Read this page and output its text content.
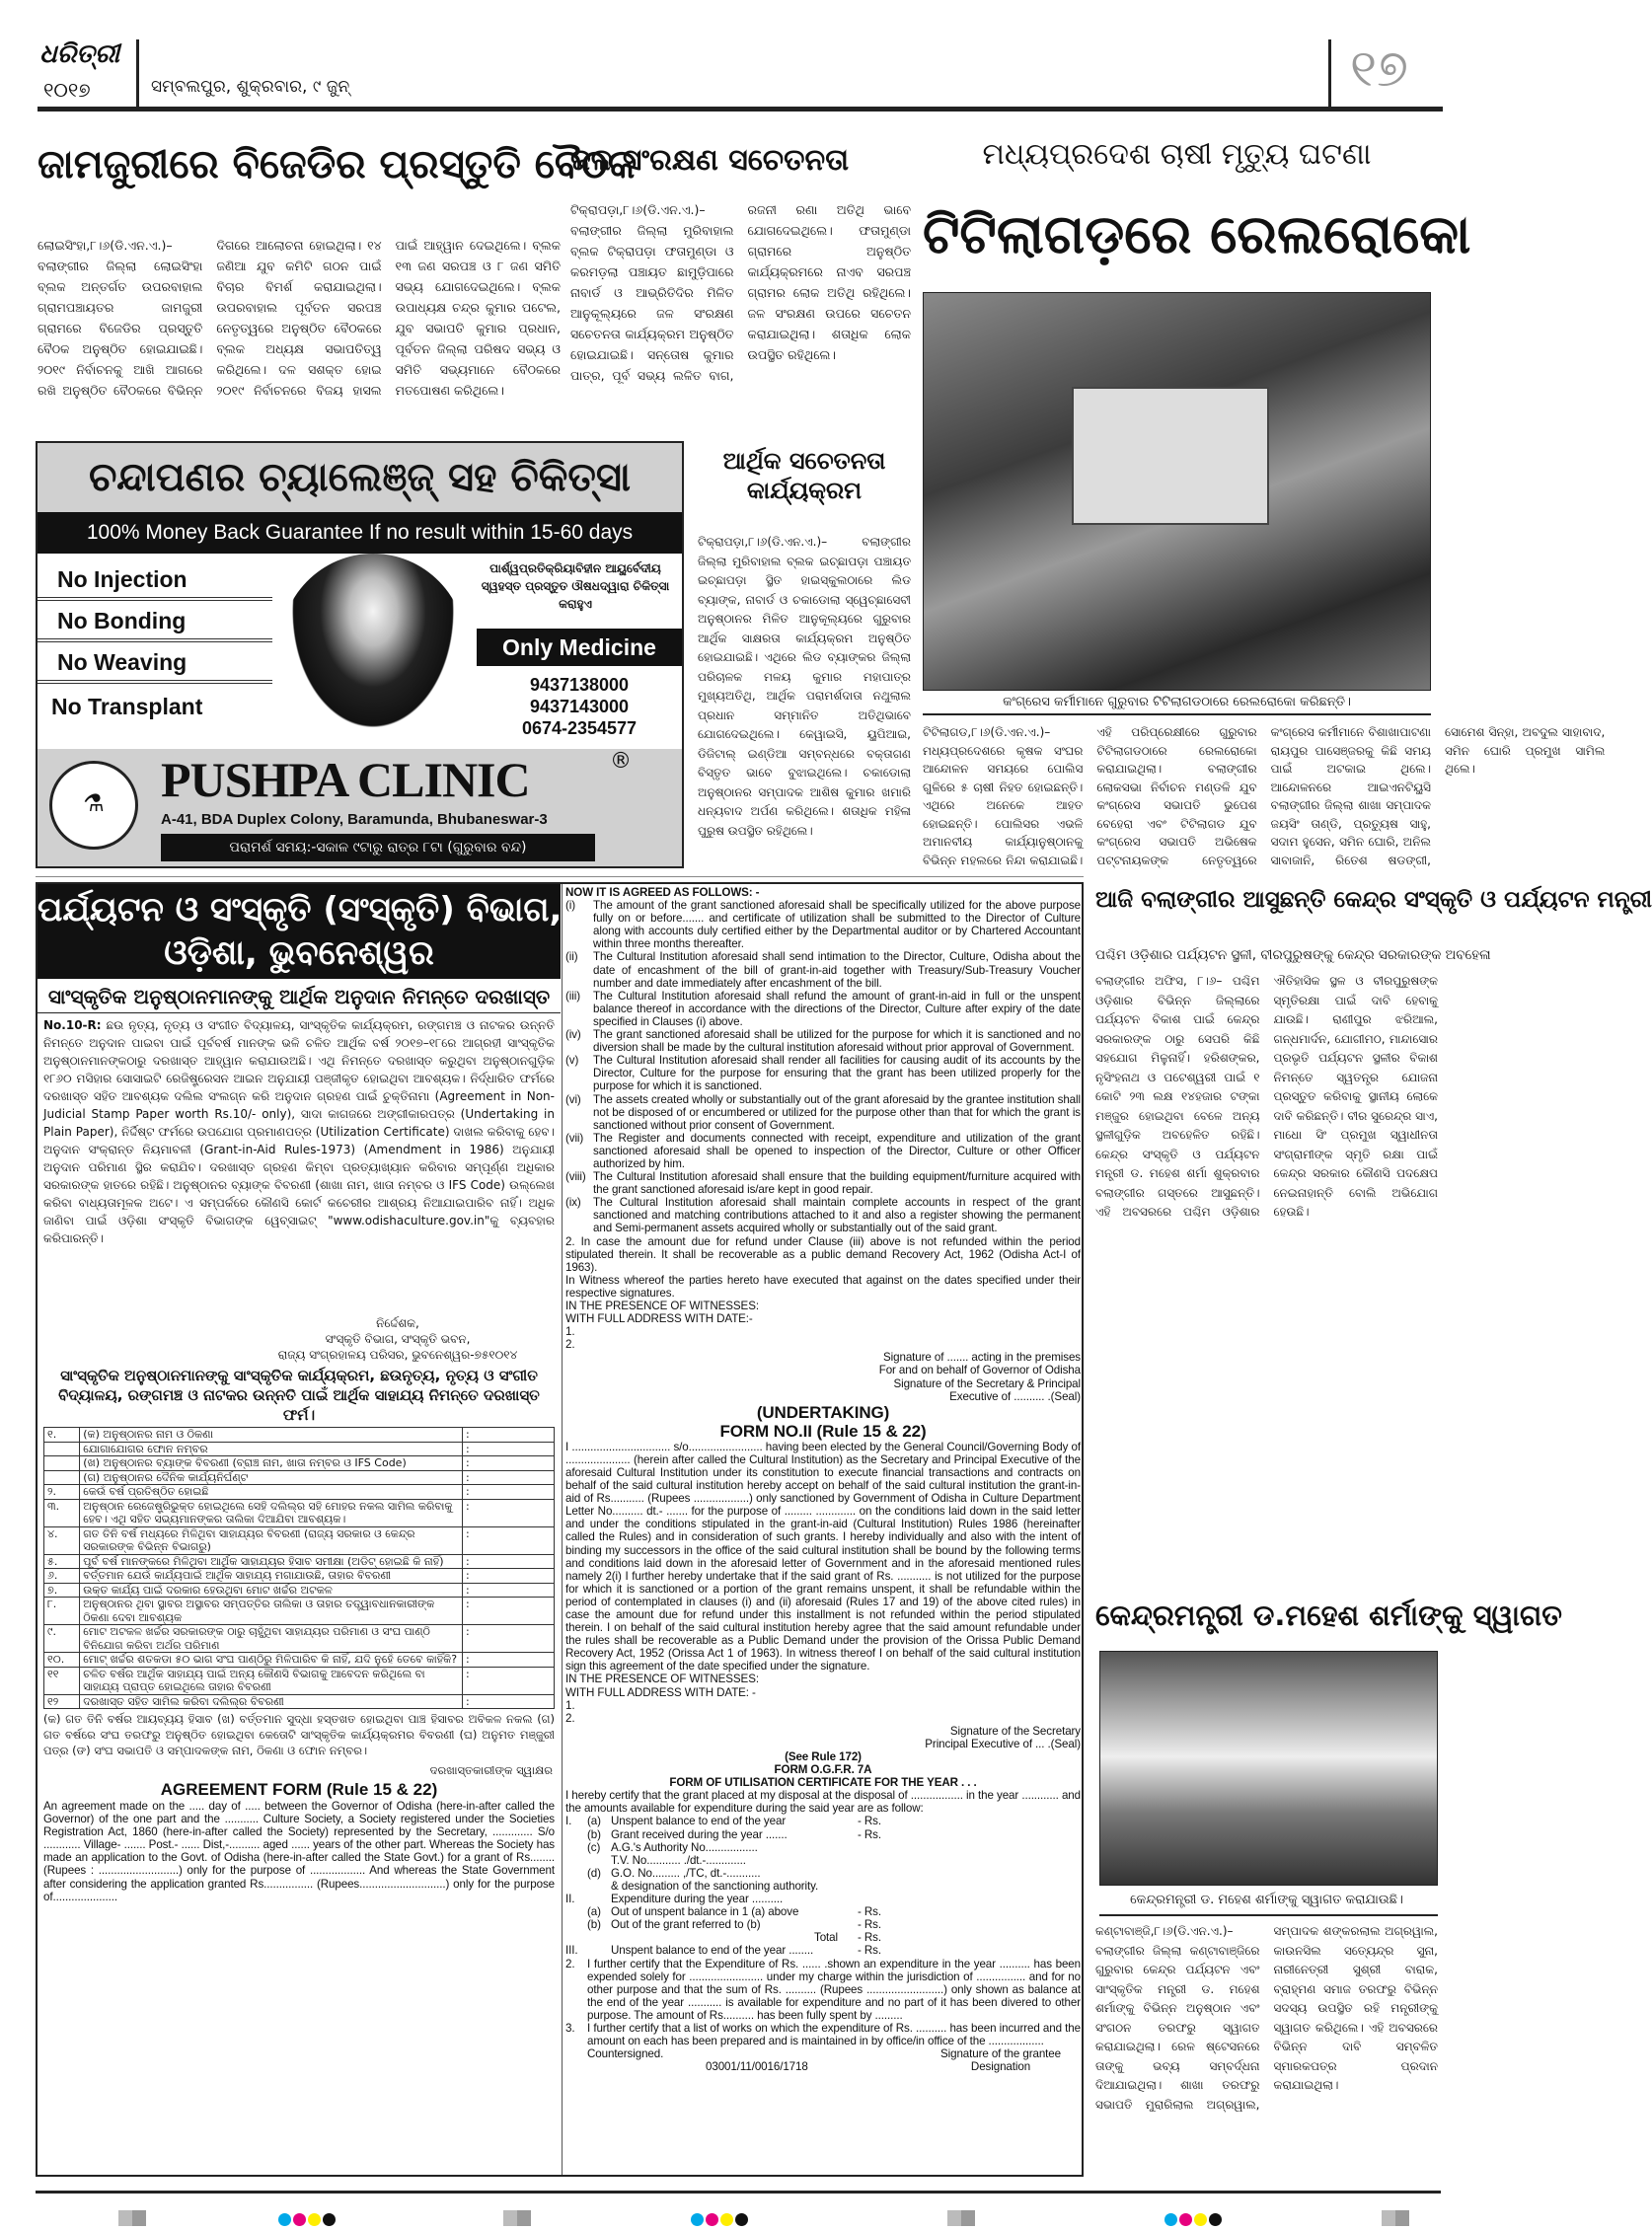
ଧରିତ୍ରୀ
୧୦୧୭	ସମ୍ବଲପୁର, ଶୁକ୍ରବାର, ୯ ଜୁନ୍	୧୭
ଜାମଜୁରୀରେ ବିଜେଡିର ପ୍ରସ୍ତୁତି ବୈଠକ
ଲୋଇସିଂହା,୮।୬(ଡି.ଏନ.ଏ.)– ବଲାଙ୍ଗୀର ଜିଲ୍ଲା ଲୋଇସିଂହା ବ୍ଲକ ଅନ୍ତର୍ଗତ ଉପରବାହାଲ ଗ୍ରାମପଞ୍ଚାୟତର ଜାମଜୁରୀ ଗ୍ରାମରେ ବିଜେଡିର ପ୍ରସ୍ତୁତି ବୈଠକ ଅନୁଷ୍ଠିତ ହୋଇଯାଇଛି। ୨୦୧୯ ନିର୍ବାଚନକୁ ଆଖି ଆଗରେ ରଖି ଅନୁଷ୍ଠିତ ବୈଠକରେ ବିଭିନ୍ନ ଦିଗରେ ଆଲୋଚନା ହୋଇଥିଲା। ୧୪ ଜଣିଆ ଯୁବ କମିଟି ଗଠନ ପାଇଁ ବିଚାର ବିମର୍ଶ କରାଯାଇଥିଲା। ଉପରବାହାଲ ପୂର୍ବତନ ସରପଞ୍ଚ ନେତୃତ୍ୱରେ ଅନୁଷ୍ଠିତ ବୈଠକରେ ବ୍ଲକ ଅଧ୍ୟକ୍ଷ ସଭାପତିତ୍ୱ କରିଥିଲେ। ଦଳ ସଶକ୍ତ ହୋଇ ୨୦୧୯ ନିର୍ବାଚନରେ ବିଜୟ ହାସଲ ପାଇଁ ଆହ୍ୱାନ ଦେଇଥିଲେ। ବ୍ଲକ ୧୩ ଜଣ ସରପଞ୍ଚ ଓ ୮ ଜଣ ସମିତି ସଭ୍ୟ ଯୋଗଦେଇଥିଲେ। ବ୍ଲକ ଉପାଧ୍ୟକ୍ଷ ଚନ୍ଦ୍ର କୁମାର ପଟେଲ, ଯୁବ ସଭାପତି କୁମାର ପ୍ରଧାନ, ପୂର୍ବତନ ଜିଲ୍ଲା ପରିଷଦ ସଭ୍ୟ ଓ ସମିତି ସଭ୍ୟମାନେ ବୈଠକରେ ମତପୋଷଣ କରିଥିଲେ।
ଜଳ ସଂରକ୍ଷଣ ସଚେତନତା
ଟିକ୍ରାପଡ଼ା,୮।୬(ଡି.ଏନ.ଏ.)– ବଲାଙ୍ଗୀର ଜିଲ୍ଲା ମୁରିବାହାଲ ବ୍ଲକ ଟିକ୍ରାପଡ଼ା ଫତାମୁଣ୍ଡା ଓ କରମଡ଼ଲା ପଞ୍ଚାୟତ ଛାମୁଡ଼ିପାରେ ନାବାର୍ଡ ଓ ଆଭ୍ରିତିଦିର ମିଳିତ ଆନୁକୂଲ୍ୟରେ ଜଳ ସଂରକ୍ଷଣ ସଚେତନତା କାର୍ଯ୍ୟକ୍ରମ ଅନୁଷ୍ଠିତ ହୋଇଯାଇଛି। ସନ୍ତୋଷ କୁମାର ପାତ୍ର, ପୂର୍ବ ସଭ୍ୟ ଲଳିତ ବାଗ, ରଜନୀ ରଣା ଅତିଥି ଭାବେ ଯୋଗଦେଇଥିଲେ। ଫତାମୁଣ୍ଡା ଗ୍ରାମରେ ଅନୁଷ୍ଠିତ କାର୍ଯ୍ୟକ୍ରମରେ ନାଏବ ସରପଞ୍ଚ ଗ୍ରାମର ଲୋକ ଅତିଥି ରହିଥିଲେ। ଜଳ ସଂରକ୍ଷଣ ଉପରେ ସଚେତନ କରାଯାଇଥିଲା। ଶତାଧିକ ଲୋକ ଉପସ୍ଥିତ ରହିଥିଲେ।
ମଧ୍ୟପ୍ରଦେଶ ଚାଷୀ ମୃତ୍ୟୁ ଘଟଣା
ଟିଟିଲାଗଡ଼ରେ ରେଲରୋକୋ
କଂଗ୍ରେସ କର୍ମୀମାନେ ଗୁରୁବାର ଟିଟିଲାଗଡଠାରେ ରେଲରୋକୋ କରିଛନ୍ତି।
ଟିଟିଲାଗଡ,୮।୬(ଡି.ଏନ.ଏ.)– ମଧ୍ୟପ୍ରଦେଶରେ କୃଷକ ସଂଘର ଆନ୍ଦୋଳନ ସମୟରେ ପୋଲିସ ଗୁଳିରେ ୫ ଚାଷୀ ନିହତ ହୋଇଛନ୍ତି। ଏଥିରେ ଅନେକେ ଆହତ ହୋଇଛନ୍ତି। ପୋଲିସର ଏଭଳି ଅମାନବୀୟ କାର୍ଯ୍ୟାନୁଷ୍ଠାନକୁ ବିଭିନ୍ନ ମହଲରେ ନିନ୍ଦା କରାଯାଇଛି। ଏହି ପରିପ୍ରେକ୍ଷୀରେ ଗୁରୁବାର ଟିଟିଲାଗଡଠାରେ ରେଲରୋକୋ କରାଯାଇଥିଲା। ବଲାଙ୍ଗୀର ଲୋକସଭା ନିର୍ବାଚନ ମଣ୍ଡଳି ଯୁବ କଂଗ୍ରେସ ସଭାପତି ଭୁପେଶ ବେହେରା ଏବଂ ଟିଟିଲାଗଡ ଯୁବ କଂଗ୍ରେସ ସଭାପତି ଅଭିଷେକ ପଟ୍ଟନାୟକଙ୍କ ନେତୃତ୍ୱରେ କଂଗ୍ରେସ କର୍ମୀମାନେ ବିଶାଖାପାଟଣା ରାୟପୁର ପାସେଞ୍ଜରକୁ କିଛି ସମୟ ପାଇଁ ଅଟକାଇ ଥିଲେ। ଆନ୍ଦୋଳନରେ ଆଇଏନଟିୟୁସି ବଲାଙ୍ଗୀର ଜିଲ୍ଲା ଶାଖା ସମ୍ପାଦକ ଜୟସିଂ ତାଣ୍ଡି, ପ୍ରତ୍ୟୁଷ ସାହୁ, ସଦାମ ହୁସେନ, ସମିନ ଘୋରି, ଅନିଲ ସାବାଜାନି, ରିତେଶ ଷଡଙ୍ଗୀ, ସୋମେଶ ସିନ୍ହା, ଅବଦୁଲ ସାହାବାଦ, ସମିନ ଘୋରି ପ୍ରମୁଖ ସାମିଲ ଥିଲେ।
ଚନ୍ଦାପଣର ଚ୍ୟାଲେଞ୍ଜ୍ ସହ ଚିକିତ୍ସା
100% Money Back Guarantee If no result within 15-60 days
No Injection
No Bonding
No Weaving
No Transplant
ପାର୍ଶ୍ୱପ୍ରତିକ୍ରିୟାବିହୀନ ଆୟୁର୍ବେଦୀୟ ସ୍ୱହସ୍ତ ପ୍ରସ୍ତୁତ ଔଷଧଦ୍ୱାରା ଚିକିତ୍ସା କରାହୁଏ
Only Medicine
9437138000
9437143000
0674-2354577
⚗	PUSHPA CLINIC	®
A-41, BDA Duplex Colony, Baramunda, Bhubaneswar-3
ପରାମର୍ଶ ସମୟ:-ସକାଳ ୯ଟାରୁ ରାତ୍ର ୮ଟା (ଗୁରୁବାର ବନ୍ଦ)
ଆର୍ଥିକ ସଚେତନତା କାର୍ଯ୍ୟକ୍ରମ
ଟିକ୍ରାପଡ଼ା,୮।୬(ଡି.ଏନ.ଏ.)– ବଲାଙ୍ଗୀର ଜିଲ୍ଲା ମୁରିବାହାଲ ବ୍ଲକ ଇଚ୍ଛାପଡ଼ା ପଞ୍ଚାୟତ ଇଚ୍ଛାପଡ଼ା ସ୍ଥିତ ହାଇସ୍କୁଲଠାରେ ଲିଡ ବ୍ୟାଙ୍କ, ନାବାର୍ଡ ଓ ଚକାଡୋଲା ସ୍ୱେଚ୍ଛାସେବୀ ଅନୁଷ୍ଠାନର ମିଳିତ ଆନୁକୂଲ୍ୟରେ ଗୁରୁବାର ଆର୍ଥିକ ସାକ୍ଷରତା କାର୍ଯ୍ୟକ୍ରମ ଅନୁଷ୍ଠିତ ହୋଇଯାଇଛି। ଏଥିରେ ଲିଡ ବ୍ୟାଙ୍କର ଜିଲ୍ଲା ପରିଚାଳକ ମଳୟ କୁମାର ମହାପାତ୍ର ମୁଖ୍ୟଅତିଥି, ଆର୍ଥିକ ପରାମର୍ଶଦାତା ନଥୁଲାଲ ପ୍ରଧାନ ସମ୍ମାନିତ ଅତିଥିଭାବେ ଯୋଗଦେଇଥିଲେ। କେୱାଇସି, ୟୁପିଆଇ, ଡିଜିଟାଲ୍ ଇଣ୍ଡିଆ ସମ୍ବନ୍ଧରେ ବକ୍ତାଗଣ ବିସ୍ତୃତ ଭାବେ ବୁଝାଇଥିଲେ। ଚକାଡୋଲା ଅନୁଷ୍ଠାନର ସମ୍ପାଦକ ଆଶିଷ କୁମାର ଖମାରି ଧନ୍ୟବାଦ ଅର୍ପଣ କରିଥିଲେ। ଶତାଧିକ ମହିଳା ପୁରୁଷ ଉପସ୍ଥିତ ରହିଥିଲେ।
ପର୍ଯ୍ୟଟନ ଓ ସଂସ୍କୃତି (ସଂସ୍କୃତି) ବିଭାଗ,
ଓଡ଼ିଶା, ଭୁବନେଶ୍ୱର
ସାଂସ୍କୃତିକ ଅନୁଷ୍ଠାନମାନଙ୍କୁ ଆର୍ଥିକ ଅନୁଦାନ ନିମନ୍ତେ ଦରଖାସ୍ତ
No.10-R: ଛଉ ନୃତ୍ୟ, ନୃତ୍ୟ ଓ ସଂଗୀତ ବିଦ୍ୟାଳୟ, ସାଂସ୍କୃତିକ କାର୍ଯ୍ୟକ୍ରମ, ରଙ୍ଗମଞ୍ଚ ଓ ନାଟକର ଉନ୍ନତି ନିମନ୍ତେ ଅନୁଦାନ ପାଇବା ପାଇଁ ପୂର୍ବବର୍ଷ ମାନଙ୍କ ଭଳି ଚଳିତ ଆର୍ଥିକ ବର୍ଷ ୨୦୧୭–୧୮ରେ ଆଗ୍ରହୀ ସାଂସ୍କୃତିକ ଅନୁଷ୍ଠାନମାନଙ୍କଠାରୁ ଦରଖାସ୍ତ ଆହ୍ୱାନ କରାଯାଉଅଛି। ଏଥି ନିମନ୍ତେ ଦରଖାସ୍ତ କରୁଥିବା ଅନୁଷ୍ଠାନଗୁଡ଼ିକ ୧୮୬୦ ମସିହାର ସୋସାଇଟି ରେଜିଷ୍ଟ୍ରେସନ ଆଇନ ଅନୁଯାୟୀ ପଞ୍ଜୀକୃତ ହୋଇଥିବା ଆବଶ୍ୟକ। ନିର୍ଦ୍ଧାରିତ ଫର୍ମରେ ଦରଖାସ୍ତ ସହିତ ଆବଶ୍ୟକ ଦଲିଲ ସଂଲଗ୍ନ କରି ଅନୁଦାନ ଗ୍ରହଣ ପାଇଁ ଚୁକ୍ତିନାମା (Agreement in Non-Judicial Stamp Paper worth Rs.10/- only), ସାଦା କାଗଜରେ ଅଙ୍ଗୀକାରପତ୍ର (Undertaking in Plain Paper), ନିର୍ଦ୍ଦିଷ୍ଟ ଫର୍ମରେ ଉପଯୋଗ ପ୍ରମାଣପତ୍ର (Utilization Certificate) ଦାଖଲ କରିବାକୁ ହେବ। ଅନୁଦାନ ସଂକ୍ରାନ୍ତ ନିୟମାବଳୀ (Grant-in-Aid Rules-1973) (Amendment in 1986) ଅନୁଯାୟୀ ଅନୁଦାନ ପରିମାଣ ସ୍ଥିର କରାଯିବ। ଦରଖାସ୍ତ ଗ୍ରହଣ କିମ୍ବା ପ୍ରତ୍ୟାଖ୍ୟାନ କରିବାର ସମ୍ପୂର୍ଣ୍ଣ ଅଧିକାର ସରକାରଙ୍କ ହାତରେ ରହିଛି। ଅନୁଷ୍ଠାନର ବ୍ୟାଙ୍କ ବିବରଣୀ (ଶାଖା ନାମ, ଖାତା ନମ୍ବର ଓ IFS Code) ଉଲ୍ଲେଖ କରିବା ବାଧ୍ୟତାମୂଳକ ଅଟେ। ଏ ସମ୍ପର୍କରେ କୌଣସି କୋର୍ଟ କଚେରୀର ଆଶ୍ରୟ ନିଆଯାଇପାରିବ ନାହିଁ। ଅଧିକ ଜାଣିବା ପାଇଁ ଓଡ଼ିଶା ସଂସ୍କୃତି ବିଭାଗଙ୍କ ୱେବ୍‌ସାଇଟ୍ "www.odishaculture.gov.in"କୁ ବ୍ୟବହାର କରିପାରନ୍ତି।
ନିର୍ଦ୍ଦେଶକ,
ସଂସ୍କୃତି ବିଭାଗ, ସଂସ୍କୃତି ଭବନ,
ରାଜ୍ୟ ସଂଗ୍ରହାଳୟ ପରିସର, ଭୁବନେଶ୍ୱର-୭୫୧୦୧୪
ସାଂସ୍କୃତିକ ଅନୁଷ୍ଠାନମାନଙ୍କୁ ସାଂସ୍କୃତିକ କାର୍ଯ୍ୟକ୍ରମ, ଛଉନୃତ୍ୟ, ନୃତ୍ୟ ଓ ସଂଗୀତ ବିଦ୍ୟାଳୟ, ରଙ୍ଗମଞ୍ଚ ଓ ନାଟକର ଉନ୍ନତି ପାଇଁ ଆର୍ଥିକ ସାହାଯ୍ୟ ନିମନ୍ତେ ଦରଖାସ୍ତ ଫର୍ମ।
୧.	(କ) ଅନୁଷ୍ଠାନର ନାମ ଓ ଠିକଣା	:
	ଯୋଗାଯୋଗର ଫୋନ ନମ୍ବର	:
	(ଖ) ଅନୁଷ୍ଠାନର ବ୍ୟାଙ୍କ ବିବରଣୀ (ବ୍ରାଞ୍ଚ ନାମ, ଖାତା ନମ୍ବର ଓ IFS Code)	:
	(ଗ) ଅନୁଷ୍ଠାନର ଦୈନିକ କାର୍ଯ୍ୟନିର୍ଘଣ୍ଟ	:
୨.	କେଉଁ ବର୍ଷ ପ୍ରତିଷ୍ଠିତ ହୋଇଛି	:
୩.	ଅନୁଷ୍ଠାନ ରେଜେଷ୍ଟ୍ରିଭୁକ୍ତ ହୋଇଥିଲେ ସେହି ଦଲିଲ୍‌ର ସହି ମୋହର ନକଲ ସାମିଲ କରିବାକୁ ହେବ। ଏଥି ସହିତ ସଭ୍ୟମାନଙ୍କର ତାଲିକା ଦିଆଯିବା ଆବଶ୍ୟକ।	:
୪.	ଗତ ତିନି ବର୍ଷ ମଧ୍ୟରେ ମିଳିଥିବା ସାହାଯ୍ୟର ବିବରଣୀ (ରାଜ୍ୟ ସରକାର ଓ କେନ୍ଦ୍ର ସରକାରଙ୍କ ବିଭିନ୍ନ ବିଭାଗରୁ)	:
୫.	ପୂର୍ବ ବର୍ଷ ମାନଙ୍କରେ ମିଳିଥିବା ଆର୍ଥିକ ସାହାଯ୍ୟର ହିସାବ ସମୀକ୍ଷା (ଅଡିଟ୍ ହୋଇଛି କି ନାହିଁ)	:
୬.	ବର୍ତ୍ତମାନ ଯେଉଁ କାର୍ଯ୍ୟପାଇଁ ଆର୍ଥିକ ସାହାଯ୍ୟ ମଗାଯାଉଛି, ତାହାର ବିବରଣୀ	:
୭.	ଉକ୍ତ କାର୍ଯ୍ୟ ପାଇଁ ଦରକାର ହେଉଥିବା ମୋଟ ଖର୍ଚ୍ଚର ଅଟକଳ	:
୮.	ଅନୁଷ୍ଠାନର ଥିବା ସ୍ଥାବର ଅସ୍ଥାବର ସମ୍ପତ୍ତିର ତାଲିକା ଓ ତାହାର ତତ୍ତ୍ୱାବଧାନକାରୀଙ୍କ ଠିକଣା ଦେବା ଆବଶ୍ୟକ	:
୯.	ମୋଟ ଅଟକଳ ଖର୍ଚ୍ଚର ସରକାରଙ୍କ ଠାରୁ ଚାହୁଁଥିବା ସାହାଯ୍ୟର ପରିମାଣ ଓ ସଂଘ ପାଣ୍ଠି ବିନିଯୋଗ କରିବା ଅର୍ଥର ପରିମାଣ	:
୧୦.	ମୋଟ୍ ଖର୍ଚ୍ଚର ଶତକଡା ୫୦ ଭାଗ ସଂଘ ପାଣ୍ଠିରୁ ମିଳିପାରିବ କି ନାହିଁ, ଯଦି ନୁହେଁ ତେବେ କାହିଁକି?	:
୧୧	ଚଳିତ ବର୍ଷର ଆର୍ଥିକ ସାହାଯ୍ୟ ପାଇଁ ଅନ୍ୟ କୌଣସି ବିଭାଗକୁ ଆବେଦନ କରିଥିଲେ ବା ସାହାଯ୍ୟ ପ୍ରାପ୍ତ ହୋଇଥିଲେ ତାହାର ବିବରଣୀ	:
୧୨	ଦରଖାସ୍ତ ସହିତ ସାମିଲ କରିବା ଦଲିଲ୍‌ର ବିବରଣୀ	:
(କ) ଗତ ତିନି ବର୍ଷର ଆୟବ୍ୟୟ ହିସାବ (ଖ) ବର୍ତ୍ତମାନ ସୁଦ୍ଧା ହସ୍ତଖତ ହୋଇଥିବା ପାଞ୍ଚ ହିସାବର ଅବିକଳ ନକଲ (ଗ) ଗତ ବର୍ଷରେ ସଂଘ ତରଫରୁ ଅନୁଷ୍ଠିତ ହୋଇଥିବା କେତୋଟି ସାଂସ୍କୃତିକ କାର୍ଯ୍ୟକ୍ରମର ବିବରଣୀ (ଘ) ଅନୁମତ ମଞ୍ଜୁରୀ ପତ୍ର (ଙ) ସଂଘ ସଭାପତି ଓ ସମ୍ପାଦକଙ୍କ ନାମ, ଠିକଣା ଓ ଫୋନ ନମ୍ବର।
ଦରଖାସ୍ତକାରୀଙ୍କ ସ୍ୱାକ୍ଷର
AGREEMENT FORM (Rule 15 & 22)
An agreement made on the ..... day of ..... between the Governor of Odisha (here-in-after called the Governor) of the one part and the ........... Culture Society, a Society registered under the Societies Registration Act, 1860 (here-in-after called the Society) represented by the Secretary, ............. S/o ............ Village- ....... Post.- ...... Dist,-.......... aged ...... years of the other part. Whereas the Society has made an application to the Govt. of Odisha (here-in-after called the State Govt.) for a grant of Rs........ (Rupees : ..........................) only for the purpose of .................. And whereas the State Government after considering the application granted Rs................ (Rupees............................) only for the purpose of.....................
NOW IT IS AGREED AS FOLLOWS: -
(i)	The amount of the grant sanctioned aforesaid shall be specifically utilized for the above purpose fully on or before....... and certificate of utilization shall be submitted to the Director of Culture along with accounts duly certified either by the Departmental auditor or by Chartered Accountant within three months thereafter.
(ii)	The Cultural Institution aforesaid shall send intimation to the Director, Culture, Odisha about the date of encashment of the bill of grant-in-aid together with Treasury/Sub-Treasury Voucher number and date immediately after encashment of the bill.
(iii)	The Cultural Institution aforesaid shall refund the amount of grant-in-aid in full or the unspent balance thereof in accordance with the directions of the Director, Culture after expiry of the date specified in Clauses (i) above.
(iv)	The grant sanctioned aforesaid shall be utilized for the purpose for which it is sanctioned and no diversion shall be made by the cultural institution aforesaid without prior approval of Government.
(v)	The Cultural Institution aforesaid shall render all facilities for causing audit of its accounts by the Director, Culture for the purpose for ensuring that the grant has been utilized properly for the purpose for which it is sanctioned.
(vi)	The assets created wholly or substantially out of the grant aforesaid by the grantee institution shall not be disposed of or encumbered or utilized for the purpose other than that for which the grant is sanctioned without prior consent of Government.
(vii) The Register and documents connected with receipt, expenditure and utilization of the grant sanctioned aforesaid shall be opened to inspection of the Director, Culture or other Officer authorized by him.
(viii) The Cultural Institution aforesaid shall ensure that the building equipment/furniture acquired with the grant sanctioned aforesaid is/are kept in good repair.
(ix)	The Cultural Institution aforesaid shall maintain complete accounts in respect of the grant sanctioned and matching contributions attached to it and also a register showing the permanent and Semi-permanent assets acquired wholly or substantially out of the said grant.
2. In case the amount due for refund under Clause (iii) above is not refunded within the period stipulated therein. It shall be recoverable as a public demand Recovery Act, 1962 (Odisha Act-I of 1963).
In Witness whereof the parties hereto have executed that against on the dates specified under their respective signatures.
IN THE PRESENCE OF WITNESSES:
WITH FULL ADDRESS WITH DATE:-
1.
2.
Signature of ....... acting in the premises
For and on behalf of Governor of Odisha
Signature of the Secretary & Principal
Executive of .......... .(Seal)
(UNDERTAKING)
FORM NO.II (Rule 15 & 22)
I ................................ s/o........................ having been elected by the General Council/Governing Body of ..................... (herein after called the Cultural Institution) as the Secretary and Principal Executive of the aforesaid Cultural Institution under its constitution to execute financial transactions and contracts on behalf of the said cultural institution hereby accept on behalf of the said cultural institution the grant-in-aid of Rs........... (Rupees ..................) only sanctioned by Government of Odisha in Culture Department Letter No.......... dt.- ....... for the purpose of ......... ............. on the conditions laid down in the said letter and under the conditions stipulated in the grant-in-aid (Cultural Institution) Rules 1986 (hereinafter called the Rules) and in consideration of such grants. I hereby individually and also with the intent of binding my successors in the office of the said cultural institution shall be bound by the following terms and conditions laid down in the aforesaid letter of Government and in the aforesaid mentioned rules namely 2(i) I further hereby undertake that if the said grant of Rs. ........... is not utilized for the purpose for which it is sanctioned or a portion of the grant remains unspent, it shall be refundable within the period of contemplated in clauses (i) and (ii) aforesaid (Rules 17 and 19) of the above cited rules) in case the amount due for refund under this installment is not refunded within the period stipulated therein. I on behalf of the said cultural institution hereby agree that the said amount refundable under the rules shall be recoverable as a Public Demand under the provision of the Orissa Public Demand Recovery Act, 1952 (Orissa Act 1 of 1963). In witness thereof I on behalf of the said cultural institution sign this agreement of the date specified under the signature.
IN THE PRESENCE OF WITNESSES:
WITH FULL ADDRESS WITH DATE: -
1.
2.
Signature of the Secretary
Principal Executive of ... .(Seal)
(See Rule 172)
FORM O.G.F.R. 7A
FORM OF UTILISATION CERTIFICATE FOR THE YEAR . . .
I hereby certify that the grant placed at my disposal at the disposal of ................. in the year ............ and the amounts available for expenditure during the said year are as follow:
I.	(a) Unspent balance to end of the year	- Rs.
(b) Grant received during the year .......	- Rs.
(c) A.G.'s Authority No.................
T.V. No........... ./dt.-.............
(d) G.O. No......... ,/TC, dt.-...........
& designation of the sanctioning authority.
II.	Expenditure during the year ..........
(a) Out of unspent balance in 1 (a) above	- Rs.
(b) Out of the grant referred to (b)	- Rs.
Total	- Rs.
III.	Unspent balance to end of the year ........	- Rs.
2.	I further certify that the Expenditure of Rs. ...... .shown an expenditure in the year .......... has been expended solely for ........................ under my charge within the jurisdiction of ................ and for no other purpose and that the sum of Rs. .......... (Rupees .........................) only shown as balance at the end of the year ........... is available for expenditure and no part of it has been divered to other purpose. The amount of Rs.......... has been fully spent by .........
3.	I further certify that a list of works on which the expenditure of Rs. .......... has been incurred and the amount on each has been prepared and is maintained in by office/in office of the ..................
Countersigned.
03001/11/0016/1718
Signature of the grantee
Designation
ଆଜି ବଲାଙ୍ଗୀର ଆସୁଛନ୍ତି କେନ୍ଦ୍ର ସଂସ୍କୃତି ଓ ପର୍ଯ୍ୟଟନ ମନ୍ତ୍ରୀ
ପଶ୍ଚିମ ଓଡ଼ିଶାର ପର୍ଯ୍ୟଟନ ସ୍ଥଳୀ, ବୀରପୁରୁଷଙ୍କୁ କେନ୍ଦ୍ର ସରକାରଙ୍କ ଅବହେଳା
ବଲାଙ୍ଗୀର ଅଫିସ, ୮।୬– ପଶ୍ଚିମ ଓଡ଼ିଶାର ବିଭିନ୍ନ ଜିଲ୍ଲାରେ ପର୍ଯ୍ୟଟନ ବିକାଶ ପାଇଁ କେନ୍ଦ୍ର ସରକାରଙ୍କ ଠାରୁ ସେପରି କିଛି ସହଯୋଗ ମିଳୁନାହିଁ। ହରିଶଙ୍କର, ନୃସିଂହନାଥ ଓ ପଟେଶ୍ୱରୀ ପାଇଁ ୧ କୋଟି ୨୩ ଲକ୍ଷ ୧୪ହଜାର ଟଙ୍କା ମଞ୍ଜୁର ହୋଇଥିବା ବେଳେ ଅନ୍ୟ ସ୍ଥଳୀଗୁଡ଼ିକ ଅବହେଳିତ ରହିଛି। କେନ୍ଦ୍ର ସଂସ୍କୃତି ଓ ପର୍ଯ୍ୟଟନ ମନ୍ତ୍ରୀ ଡ. ମହେଶ ଶର୍ମା ଶୁକ୍ରବାର ବଲାଙ୍ଗୀର ଗସ୍ତରେ ଆସୁଛନ୍ତି। ଏହି ଅବସରରେ ପଶ୍ଚିମ ଓଡ଼ିଶାର ଐତିହାସିକ ସ୍ଥଳ ଓ ବୀରପୁରୁଷଙ୍କ ସ୍ମୃତିରକ୍ଷା ପାଇଁ ଦାବି ହେବାକୁ ଯାଉଛି। ରାଣୀପୁର ଝରିଆଲ, ଗନ୍ଧମାର୍ଦନ, ଯୋଗୀମଠ, ମାନ୍ଦାସୋର ପ୍ରଭୃତି ପର୍ଯ୍ୟଟନ ସ୍ଥଳୀର ବିକାଶ ନିମନ୍ତେ ସ୍ୱତନ୍ତ୍ର ଯୋଜନା ପ୍ରସ୍ତୁତ କରିବାକୁ ସ୍ଥାନୀୟ ଲୋକେ ଦାବି କରିଛନ୍ତି। ବୀର ସୁରେନ୍ଦ୍ର ସାଏ, ମାଧୋ ସିଂ ପ୍ରମୁଖ ସ୍ୱାଧୀନତା ସଂଗ୍ରାମୀଙ୍କ ସ୍ମୃତି ରକ୍ଷା ପାଇଁ କେନ୍ଦ୍ର ସରକାର କୌଣସି ପଦକ୍ଷେପ ନେଇନାହାନ୍ତି ବୋଲି ଅଭିଯୋଗ ହେଉଛି।
କେନ୍ଦ୍ରମନ୍ତ୍ରୀ ଡ.ମହେଶ ଶର୍ମାଙ୍କୁ ସ୍ୱାଗତ
କେନ୍ଦ୍ରମନ୍ତ୍ରୀ ଡ. ମହେଶ ଶର୍ମାଙ୍କୁ ସ୍ୱାଗତ କରାଯାଉଛି।
କଣ୍ଟାବାଞ୍ଜି,୮।୬(ଡି.ଏନ.ଏ.)– ବଲାଙ୍ଗୀର ଜିଲ୍ଲା କଣ୍ଟାବାଞ୍ଜିରେ ଗୁରୁବାର କେନ୍ଦ୍ର ପର୍ଯ୍ୟଟନ ଏବଂ ସାଂସ୍କୃତିକ ମନ୍ତ୍ରୀ ଡ. ମହେଶ ଶର୍ମାଙ୍କୁ ବିଭିନ୍ନ ଅନୁଷ୍ଠାନ ଏବଂ ସଂଗଠନ ତରଫରୁ ସ୍ୱାଗତ କରାଯାଇଥିଲା। ରେଳ ଷ୍ଟେସନରେ ତାଙ୍କୁ ଭବ୍ୟ ସମ୍ବର୍ଦ୍ଧନା ଦିଆଯାଇଥିଲା। ଶାଖା ତରଫରୁ ସଭାପତି ମୁରାରିଲାଲ ଅଗ୍ରୱାଲ, ସମ୍ପାଦକ ଶଙ୍କରଲାଲ ଅଗ୍ରୱାଲ, କାଉନସିଲ ସତ୍ୟେନ୍ଦ୍ର ସୁନା, ନାରୀନେତ୍ରୀ ସୁଶ୍ରୀ ବାରାକ, ବ୍ରାହ୍ମଣ ସମାଜ ତରଫରୁ ବିଭିନ୍ନ ସଦସ୍ୟ ଉପସ୍ଥିତ ରହି ମନ୍ତ୍ରୀଙ୍କୁ ସ୍ୱାଗତ କରିଥିଲେ। ଏହି ଅବସରରେ ବିଭିନ୍ନ ଦାବି ସମ୍ବଳିତ ସ୍ମାରକପତ୍ର ପ୍ରଦାନ କରାଯାଇଥିଲା।
